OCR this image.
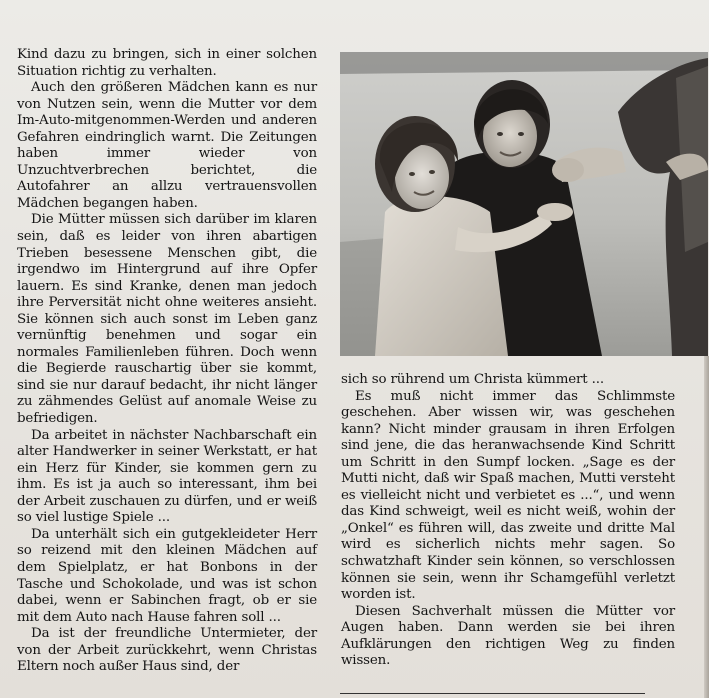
Kind dazu zu bringen, sich in einer solchen Situation richtig zu verhalten.

Auch den größeren Mädchen kann es nur von Nutzen sein, wenn die Mutter vor dem Im-Auto-mitgenommen-Werden und anderen Gefahren eindringlich warnt. Die Zeitungen haben immer wieder von Unzuchtverbrechen berichtet, die Autofahrer an allzu vertrauensvollen Mädchen begangen haben.

Die Mütter müssen sich darüber im klaren sein, daß es leider von ihren abartigen Trieben besessene Menschen gibt, die irgendwo im Hintergrund auf ihre Opfer lauern. Es sind Kranke, denen man jedoch ihre Perversität nicht ohne weiteres ansieht. Sie können sich auch sonst im Leben ganz vernünftig benehmen und sogar ein normales Familienleben führen. Doch wenn die Begierde rauschartig über sie kommt, sind sie nur darauf bedacht, ihr nicht länger zu zähmendes Gelüst auf anomale Weise zu befriedigen.

Da arbeitet in nächster Nachbarschaft ein alter Handwerker in seiner Werkstatt, er hat ein Herz für Kinder, sie kommen gern zu ihm. Es ist ja auch so interessant, ihm bei der Arbeit zuschauen zu dürfen, und er weiß so viel lustige Spiele ...

Da unterhält sich ein gutgekleideter Herr so reizend mit den kleinen Mädchen auf dem Spielplatz, er hat Bonbons in der Tasche und Schokolade, und was ist schon dabei, wenn er Sabinchen fragt, ob er sie mit dem Auto nach Hause fahren soll ...

Da ist der freundliche Untermieter, der von der Arbeit zurückkehrt, wenn Christas Eltern noch außer Haus sind, der

sich so rührend um Christa kümmert ...

Es muß nicht immer das Schlimmste geschehen. Aber wissen wir, was geschehen kann? Nicht minder grausam in ihren Erfolgen sind jene, die das heranwachsende Kind Schritt um Schritt in den Sumpf locken. „Sage es der Mutti nicht, daß wir Spaß machen, Mutti versteht es vielleicht nicht und verbietet es ...“, und wenn das Kind schweigt, weil es nicht weiß, wohin der „Onkel“ es führen will, das zweite und dritte Mal wird es sicherlich nichts mehr sagen. So schwatzhaft Kinder sein können, so verschlossen können sie sein, wenn ihr Schamgefühl verletzt worden ist.

Diesen Sachverhalt müssen die Mütter vor Augen haben. Dann werden sie bei ihren Aufklärungen den richtigen Weg zu finden wissen.
